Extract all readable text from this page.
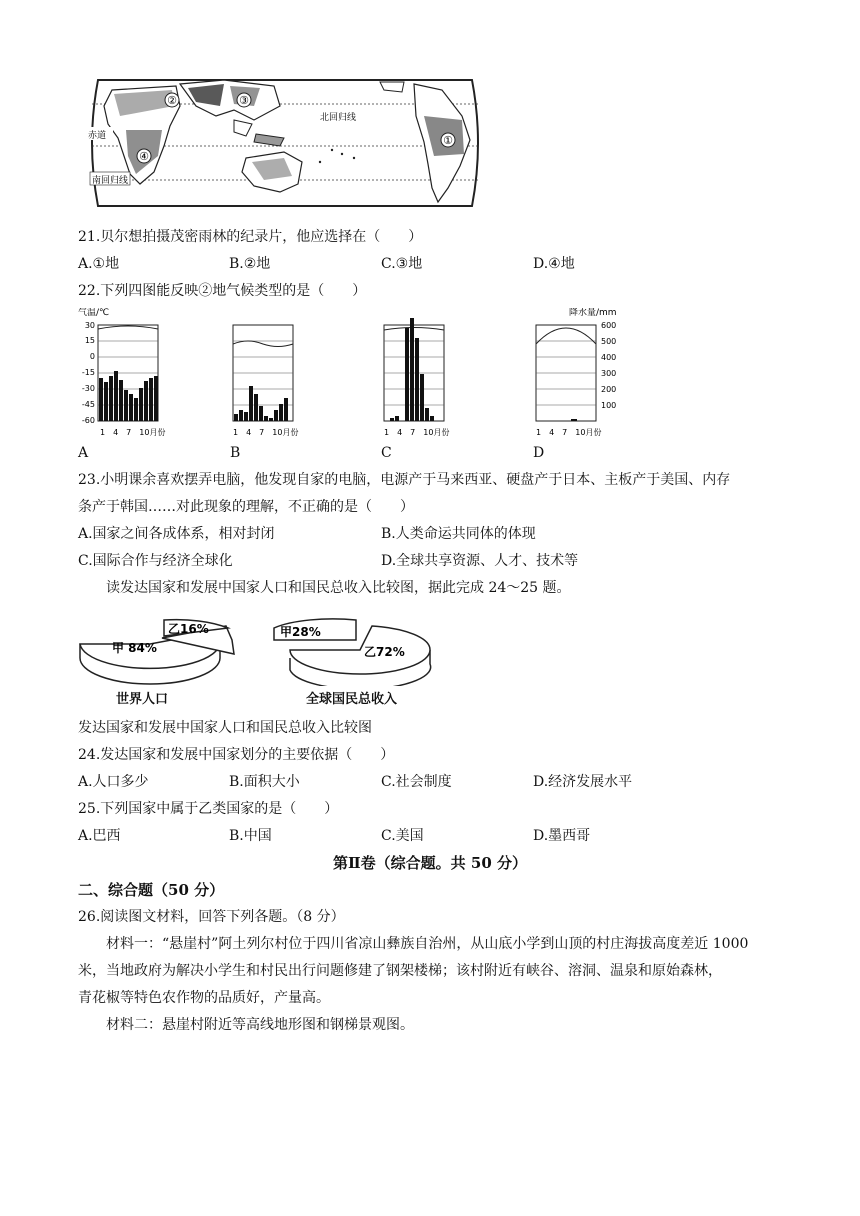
②	③
①
④
北回归线
赤道
南回归线
21.贝尔想拍摄茂密雨林的纪录片，他应选择在（　　）
A.①地	B.②地	C.③地	D.④地
22.下列四图能反映②地气候类型的是（　　）
气温/℃
30
15
0
-15
-30
-45
-60
1　4　7　10月份
A
1　4　7　10月份
B
1　4　7　10月份
C
降水量/mm
600
500
400
300
200
100
1　4　7　10月份
D
23.小明课余喜欢摆弄电脑，他发现自家的电脑，电源产于马来西亚、硬盘产于日本、主板产于美国、内存
条产于韩国……对此现象的理解，不正确的是（　　）
A.国家之间各成体系，相对封闭	B.人类命运共同体的体现
C.国际合作与经济全球化	D.全球共享资源、人才、技术等
读发达国家和发展中国家人口和国民总收入比较图，据此完成 24～25 题。
甲 84%
乙16%
世界人口
甲28%
乙72%
全球国民总收入
发达国家和发展中国家人口和国民总收入比较图
24.发达国家和发展中国家划分的主要依据（　　）
A.人口多少	B.面积大小	C.社会制度	D.经济发展水平
25.下列国家中属于乙类国家的是（　　）
A.巴西	B.中国	C.美国	D.墨西哥
第Ⅱ卷（综合题。共 50 分）
二、综合题（50 分）
26.阅读图文材料，回答下列各题。（8 分）
材料一：“悬崖村”阿土列尔村位于四川省凉山彝族自治州，从山底小学到山顶的村庄海拔高度差近 1000
米，当地政府为解决小学生和村民出行问题修建了钢架楼梯；该村附近有峡谷、溶洞、温泉和原始森林，
青花椒等特色农作物的品质好，产量高。
材料二：悬崖村附近等高线地形图和钢梯景观图。
